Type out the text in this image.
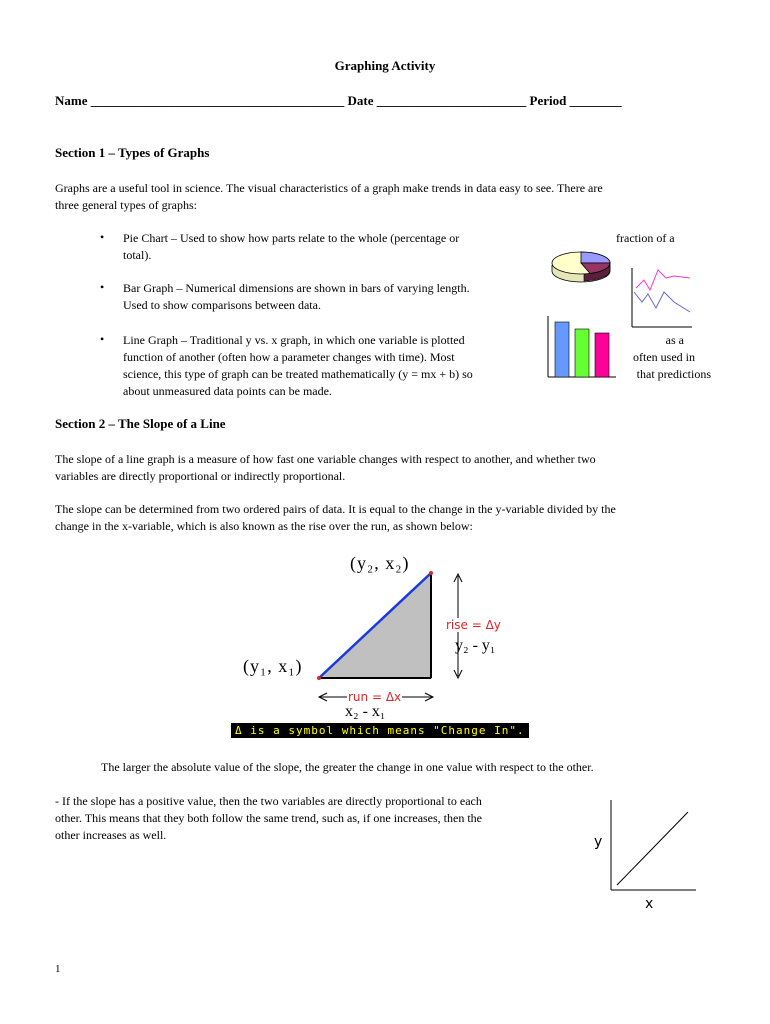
Graphing Activity
Name _______________________________________ Date _______________________ Period ________
Section 1 – Types of Graphs
Graphs are a useful tool in science. The visual characteristics of a graph make trends in data easy to see. There are
three general types of graphs:
• Pie Chart – Used to show how parts relate to the whole (percentage or
total).
fraction of a
• Bar Graph – Numerical dimensions are shown in bars of varying length.
Used to show comparisons between data.
• Line Graph – Traditional y vs. x graph, in which one variable is plotted
function of another (often how a parameter changes with time). Most
science, this type of graph can be treated mathematically (y = mx + b) so
about unmeasured data points can be made.
as a
often used in
that predictions
Section 2 – The Slope of a Line
The slope of a line graph is a measure of how fast one variable changes with respect to another, and whether two
variables are directly proportional or indirectly proportional.
The slope can be determined from two ordered pairs of data. It is equal to the change in the y-variable divided by the
change in the x-variable, which is also known as the rise over the run, as shown below:
(y₂, x₂)
(y₁, x₁)
rise = Δy
y₂ - y₁
run = Δx
x₂ - x₁
Δ is a symbol which means "Change In".
The larger the absolute value of the slope, the greater the change in one value with respect to the other.
- If the slope has a positive value, then the two variables are directly proportional to each
other. This means that they both follow the same trend, such as, if one increases, then the
other increases as well.	y
x
1
